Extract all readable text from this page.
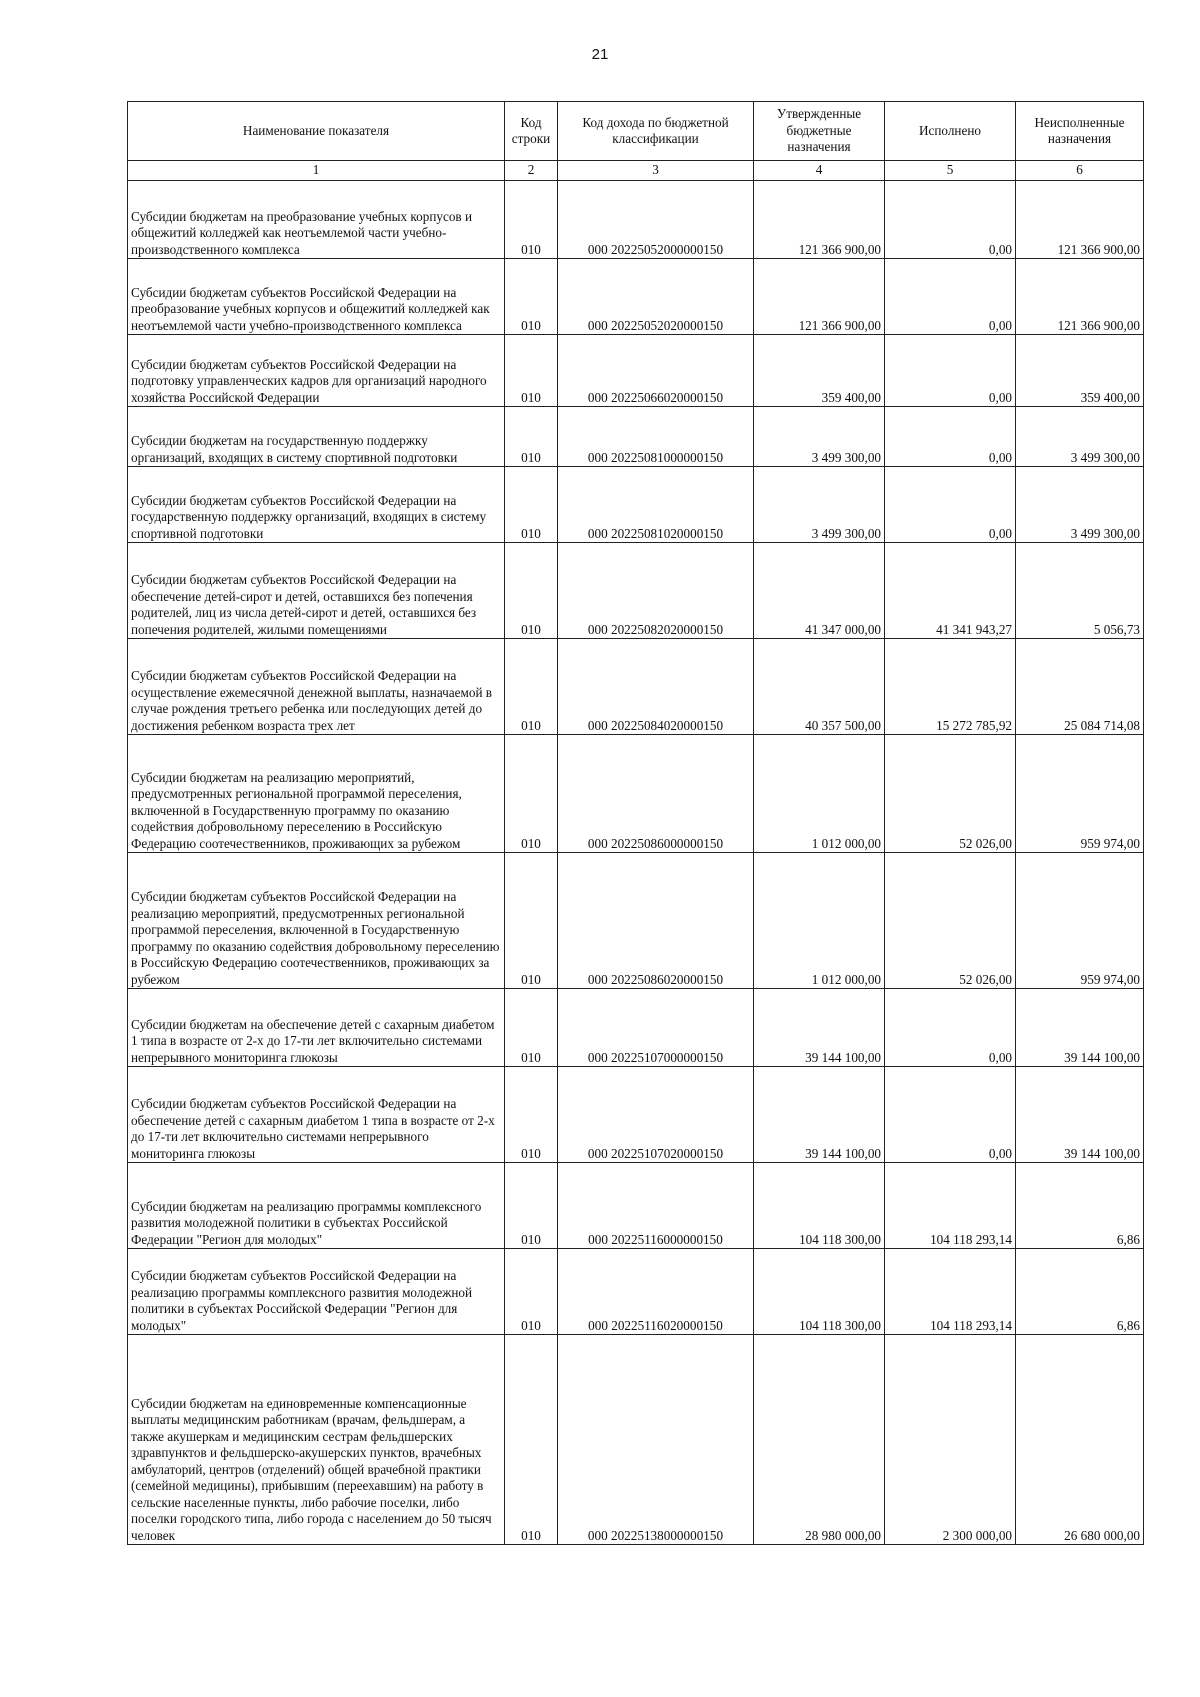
21
Наименование показателя	Код строки	Код дохода по бюджетной классификации	Утвержденные бюджетные назначения	Исполнено	Неисполненные назначения
1	2	3	4	5	6

Субсидии бюджетам на преобразование учебных корпусов и общежитий колледжей как неотъемлемой части учебно-производственного комплекса	010	000 20225052000000150	121 366 900,00	0,00	121 366 900,00

Субсидии бюджетам субъектов Российской Федерации на преобразование учебных корпусов и общежитий колледжей как неотъемлемой части учебно-производственного комплекса	010	000 20225052020000150	121 366 900,00	0,00	121 366 900,00

Субсидии бюджетам субъектов Российской Федерации на подготовку управленческих кадров для организаций народного хозяйства Российской Федерации	010	000 20225066020000150	359 400,00	0,00	359 400,00

Субсидии бюджетам на государственную поддержку организаций, входящих в систему спортивной подготовки	010	000 20225081000000150	3 499 300,00	0,00	3 499 300,00

Субсидии бюджетам субъектов Российской Федерации на государственную поддержку организаций, входящих в систему спортивной подготовки	010	000 20225081020000150	3 499 300,00	0,00	3 499 300,00

Субсидии бюджетам субъектов Российской Федерации на обеспечение детей-сирот и детей, оставшихся без попечения родителей, лиц из числа детей-сирот и детей, оставшихся без попечения родителей, жилыми помещениями	010	000 20225082020000150	41 347 000,00	41 341 943,27	5 056,73

Субсидии бюджетам субъектов Российской Федерации на осуществление ежемесячной денежной выплаты, назначаемой в случае рождения третьего ребенка или последующих детей до достижения ребенком возраста трех лет	010	000 20225084020000150	40 357 500,00	15 272 785,92	25 084 714,08

Субсидии бюджетам на реализацию мероприятий, предусмотренных региональной программой переселения, включенной в Государственную программу по оказанию содействия добровольному переселению в Российскую Федерацию соотечественников, проживающих за рубежом	010	000 20225086000000150	1 012 000,00	52 026,00	959 974,00

Субсидии бюджетам субъектов Российской Федерации на реализацию мероприятий, предусмотренных региональной программой переселения, включенной в Государственную программу по оказанию содействия добровольному переселению в Российскую Федерацию соотечественников, проживающих за рубежом	010	000 20225086020000150	1 012 000,00	52 026,00	959 974,00

Субсидии бюджетам на обеспечение детей с сахарным диабетом 1 типа в возрасте от 2-х до 17-ти лет включительно системами непрерывного мониторинга глюкозы	010	000 20225107000000150	39 144 100,00	0,00	39 144 100,00

Субсидии бюджетам субъектов Российской Федерации на обеспечение детей с сахарным диабетом 1 типа в возрасте от 2-х до 17-ти лет включительно системами непрерывного мониторинга глюкозы	010	000 20225107020000150	39 144 100,00	0,00	39 144 100,00

Субсидии бюджетам на реализацию программы комплексного развития молодежной политики в субъектах Российской Федерации "Регион для молодых"	010	000 20225116000000150	104 118 300,00	104 118 293,14	6,86

Субсидии бюджетам субъектов Российской Федерации на реализацию программы комплексного развития молодежной политики в субъектах Российской Федерации "Регион для молодых"	010	000 20225116020000150	104 118 300,00	104 118 293,14	6,86

Субсидии бюджетам на единовременные компенсационные выплаты медицинским работникам (врачам, фельдшерам, а также акушеркам и медицинским сестрам фельдшерских здравпунктов и фельдшерско-акушерских пунктов, врачебных амбулаторий, центров (отделений) общей врачебной практики (семейной медицины), прибывшим (переехавшим) на работу в сельские населенные пункты, либо рабочие поселки, либо поселки городского типа, либо города с населением до 50 тысяч человек	010	000 20225138000000150	28 980 000,00	2 300 000,00	26 680 000,00
